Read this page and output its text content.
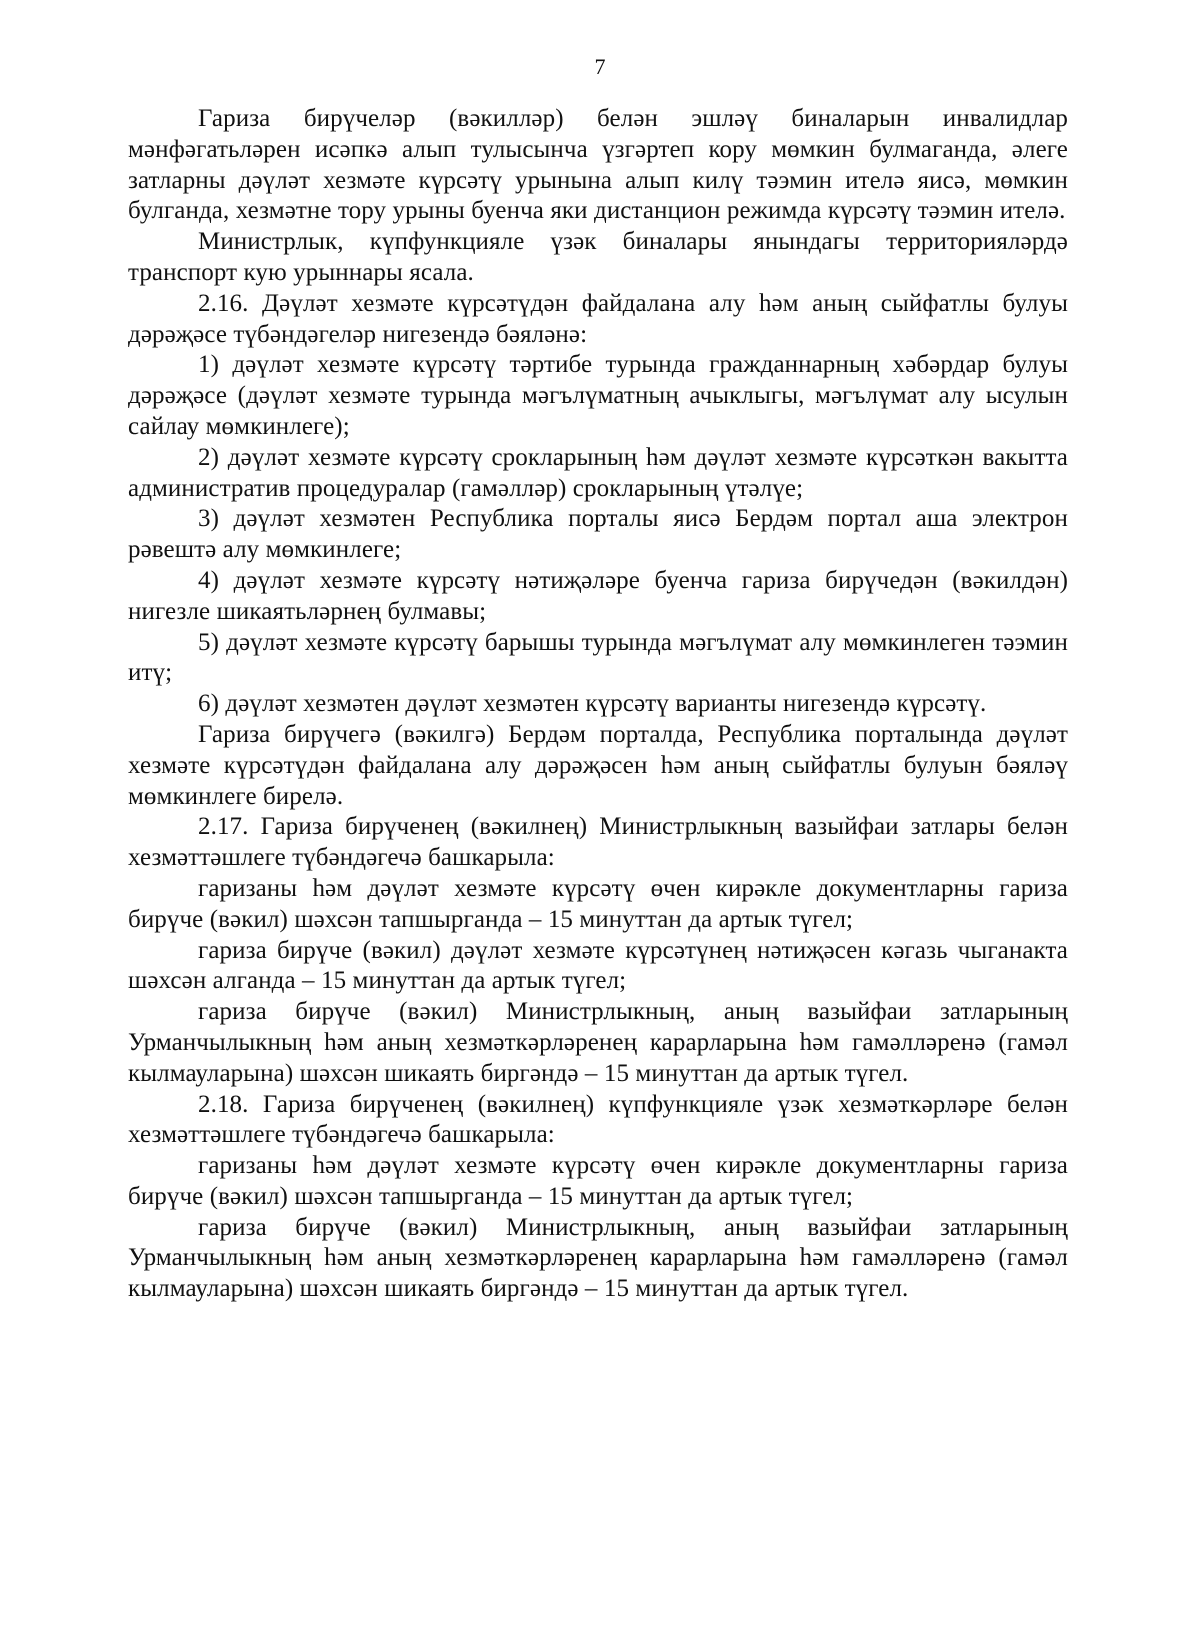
7

Гариза бирүчеләр (вәкилләр) белән эшләү биналарын инвалидлар мәнфәгатьләрен исәпкә алып тулысынча үзгәртеп кору мөмкин булмаганда, әлеге затларны дәүләт хезмәте күрсәтү урынына алып килү тәэмин ителә яисә, мөмкин булганда, хезмәтне тору урыны буенча яки дистанцион режимда күрсәтү тәэмин ителә.

Министрлык, күпфункцияле үзәк биналары янындагы территорияләрдә транспорт кую урыннары ясала.

2.16. Дәүләт хезмәте күрсәтүдән файдалана алу һәм аның сыйфатлы булуы дәрәҗәсе түбәндәгеләр нигезендә бәяләнә:

1) дәүләт хезмәте күрсәтү тәртибе турында гражданнарның хәбәрдар булуы дәрәҗәсе (дәүләт хезмәте турында мәгълүматның ачыклыгы, мәгълүмат алу ысулын сайлау мөмкинлеге);

2) дәүләт хезмәте күрсәтү срокларының һәм дәүләт хезмәте күрсәткән вакытта административ процедуралар (гамәлләр) срокларының үтәлүе;

3) дәүләт хезмәтен Республика порталы яисә Бердәм портал аша электрон рәвештә алу мөмкинлеге;

4) дәүләт хезмәте күрсәтү нәтиҗәләре буенча гариза бирүчедән (вәкилдән) нигезле шикаятьләрнең булмавы;

5) дәүләт хезмәте күрсәтү барышы турында мәгълүмат алу мөмкинлеген тәэмин итү;

6) дәүләт хезмәтен дәүләт хезмәтен күрсәтү варианты нигезендә күрсәтү.

Гариза бирүчегә (вәкилгә) Бердәм порталда, Республика порталында дәүләт хезмәте күрсәтүдән файдалана алу дәрәҗәсен һәм аның сыйфатлы булуын бәяләү мөмкинлеге бирелә.

2.17. Гариза бирүченең (вәкилнең) Министрлыкның вазыйфаи затлары белән хезмәттәшлеге түбәндәгечә башкарыла:

гаризаны һәм дәүләт хезмәте күрсәтү өчен кирәкле документларны гариза бирүче (вәкил) шәхсән тапшырганда – 15 минуттан да артык түгел;

гариза бирүче (вәкил) дәүләт хезмәте күрсәтүнең нәтиҗәсен кәгазь чыганакта шәхсән алганда – 15 минуттан да артык түгел;

гариза бирүче (вәкил) Министрлыкның, аның вазыйфаи затларының Урманчылыкның һәм аның хезмәткәрләренең карарларына һәм гамәлләренә (гамәл кылмауларына) шәхсән шикаять биргәндә – 15 минуттан да артык түгел.

2.18. Гариза бирүченең (вәкилнең) күпфункцияле үзәк хезмәткәрләре белән хезмәттәшлеге түбәндәгечә башкарыла:

гаризаны һәм дәүләт хезмәте күрсәтү өчен кирәкле документларны гариза бирүче (вәкил) шәхсән тапшырганда – 15 минуттан да артык түгел;

гариза бирүче (вәкил) Министрлыкның, аның вазыйфаи затларының Урманчылыкның һәм аның хезмәткәрләренең карарларына һәм гамәлләренә (гамәл кылмауларына) шәхсән шикаять биргәндә – 15 минуттан да артык түгел.
